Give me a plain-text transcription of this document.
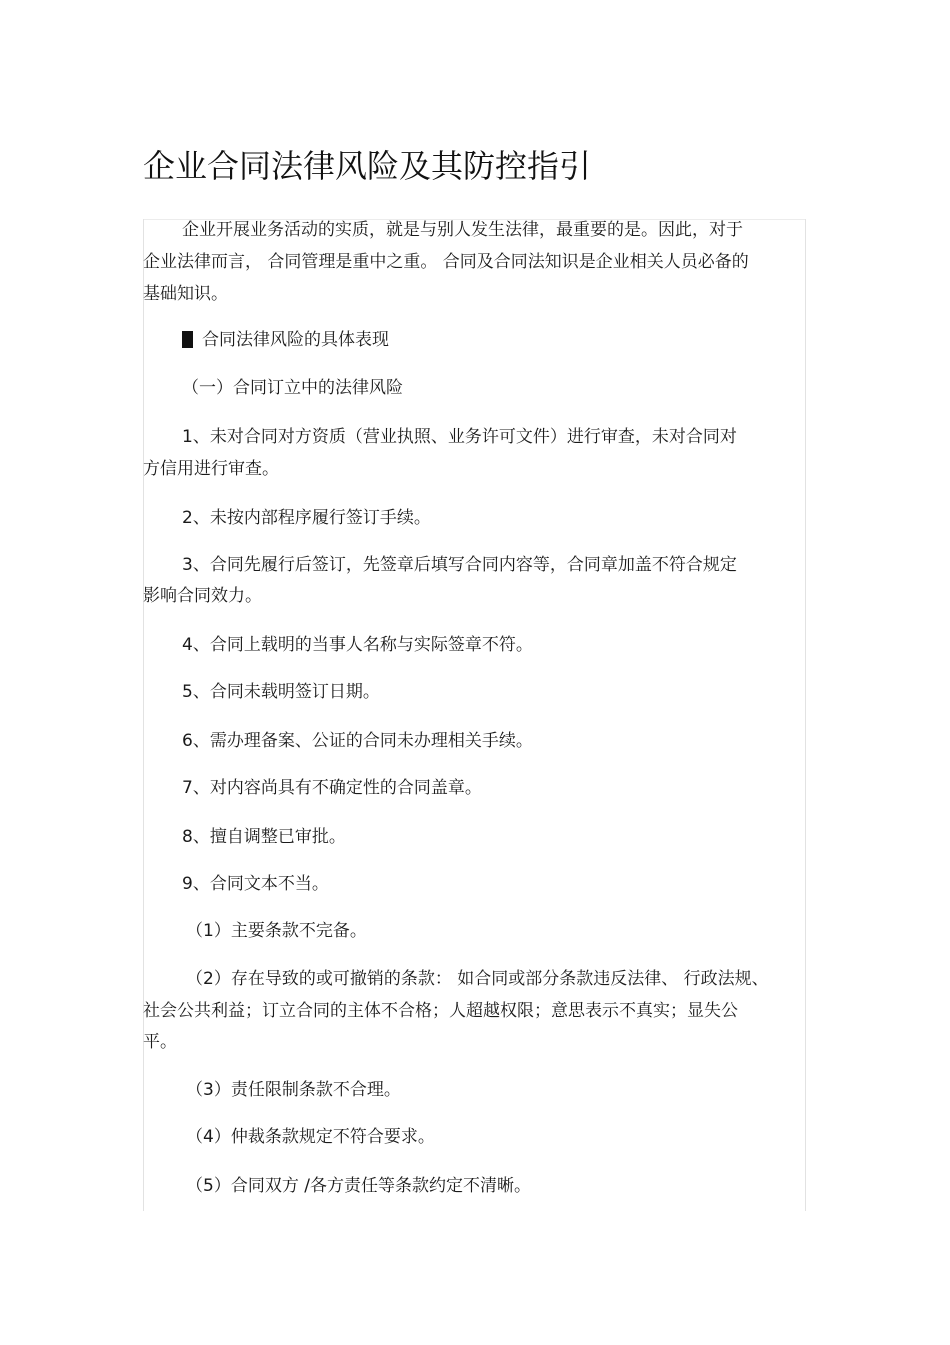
企业合同法律风险及其防控指引
企业开展业务活动的实质，就是与别人发生法律，最重要的是。因此，对于
企业法律而言， 合同管理是重中之重。 合同及合同法知识是企业相关人员必备的
基础知识。
合同法律风险的具体表现
（一）合同订立中的法律风险
1、未对合同对方资质（营业执照、业务许可文件）进行审查，未对合同对
方信用进行审查。
2、未按内部程序履行签订手续。
3、合同先履行后签订，先签章后填写合同内容等，合同章加盖不符合规定
影响合同效力。
4、合同上载明的当事人名称与实际签章不符。
5、合同未载明签订日期。
6、需办理备案、公证的合同未办理相关手续。
7、对内容尚具有不确定性的合同盖章。
8、擅自调整已审批。
9、合同文本不当。
（1）主要条款不完备。
（2）存在导致的或可撤销的条款： 如合同或部分条款违反法律、 行政法规、
社会公共利益；订立合同的主体不合格；人超越权限；意思表示不真实；显失公
平。
（3）责任限制条款不合理。
（4）仲裁条款规定不符合要求。
（5）合同双方 /各方责任等条款约定不清晰。
